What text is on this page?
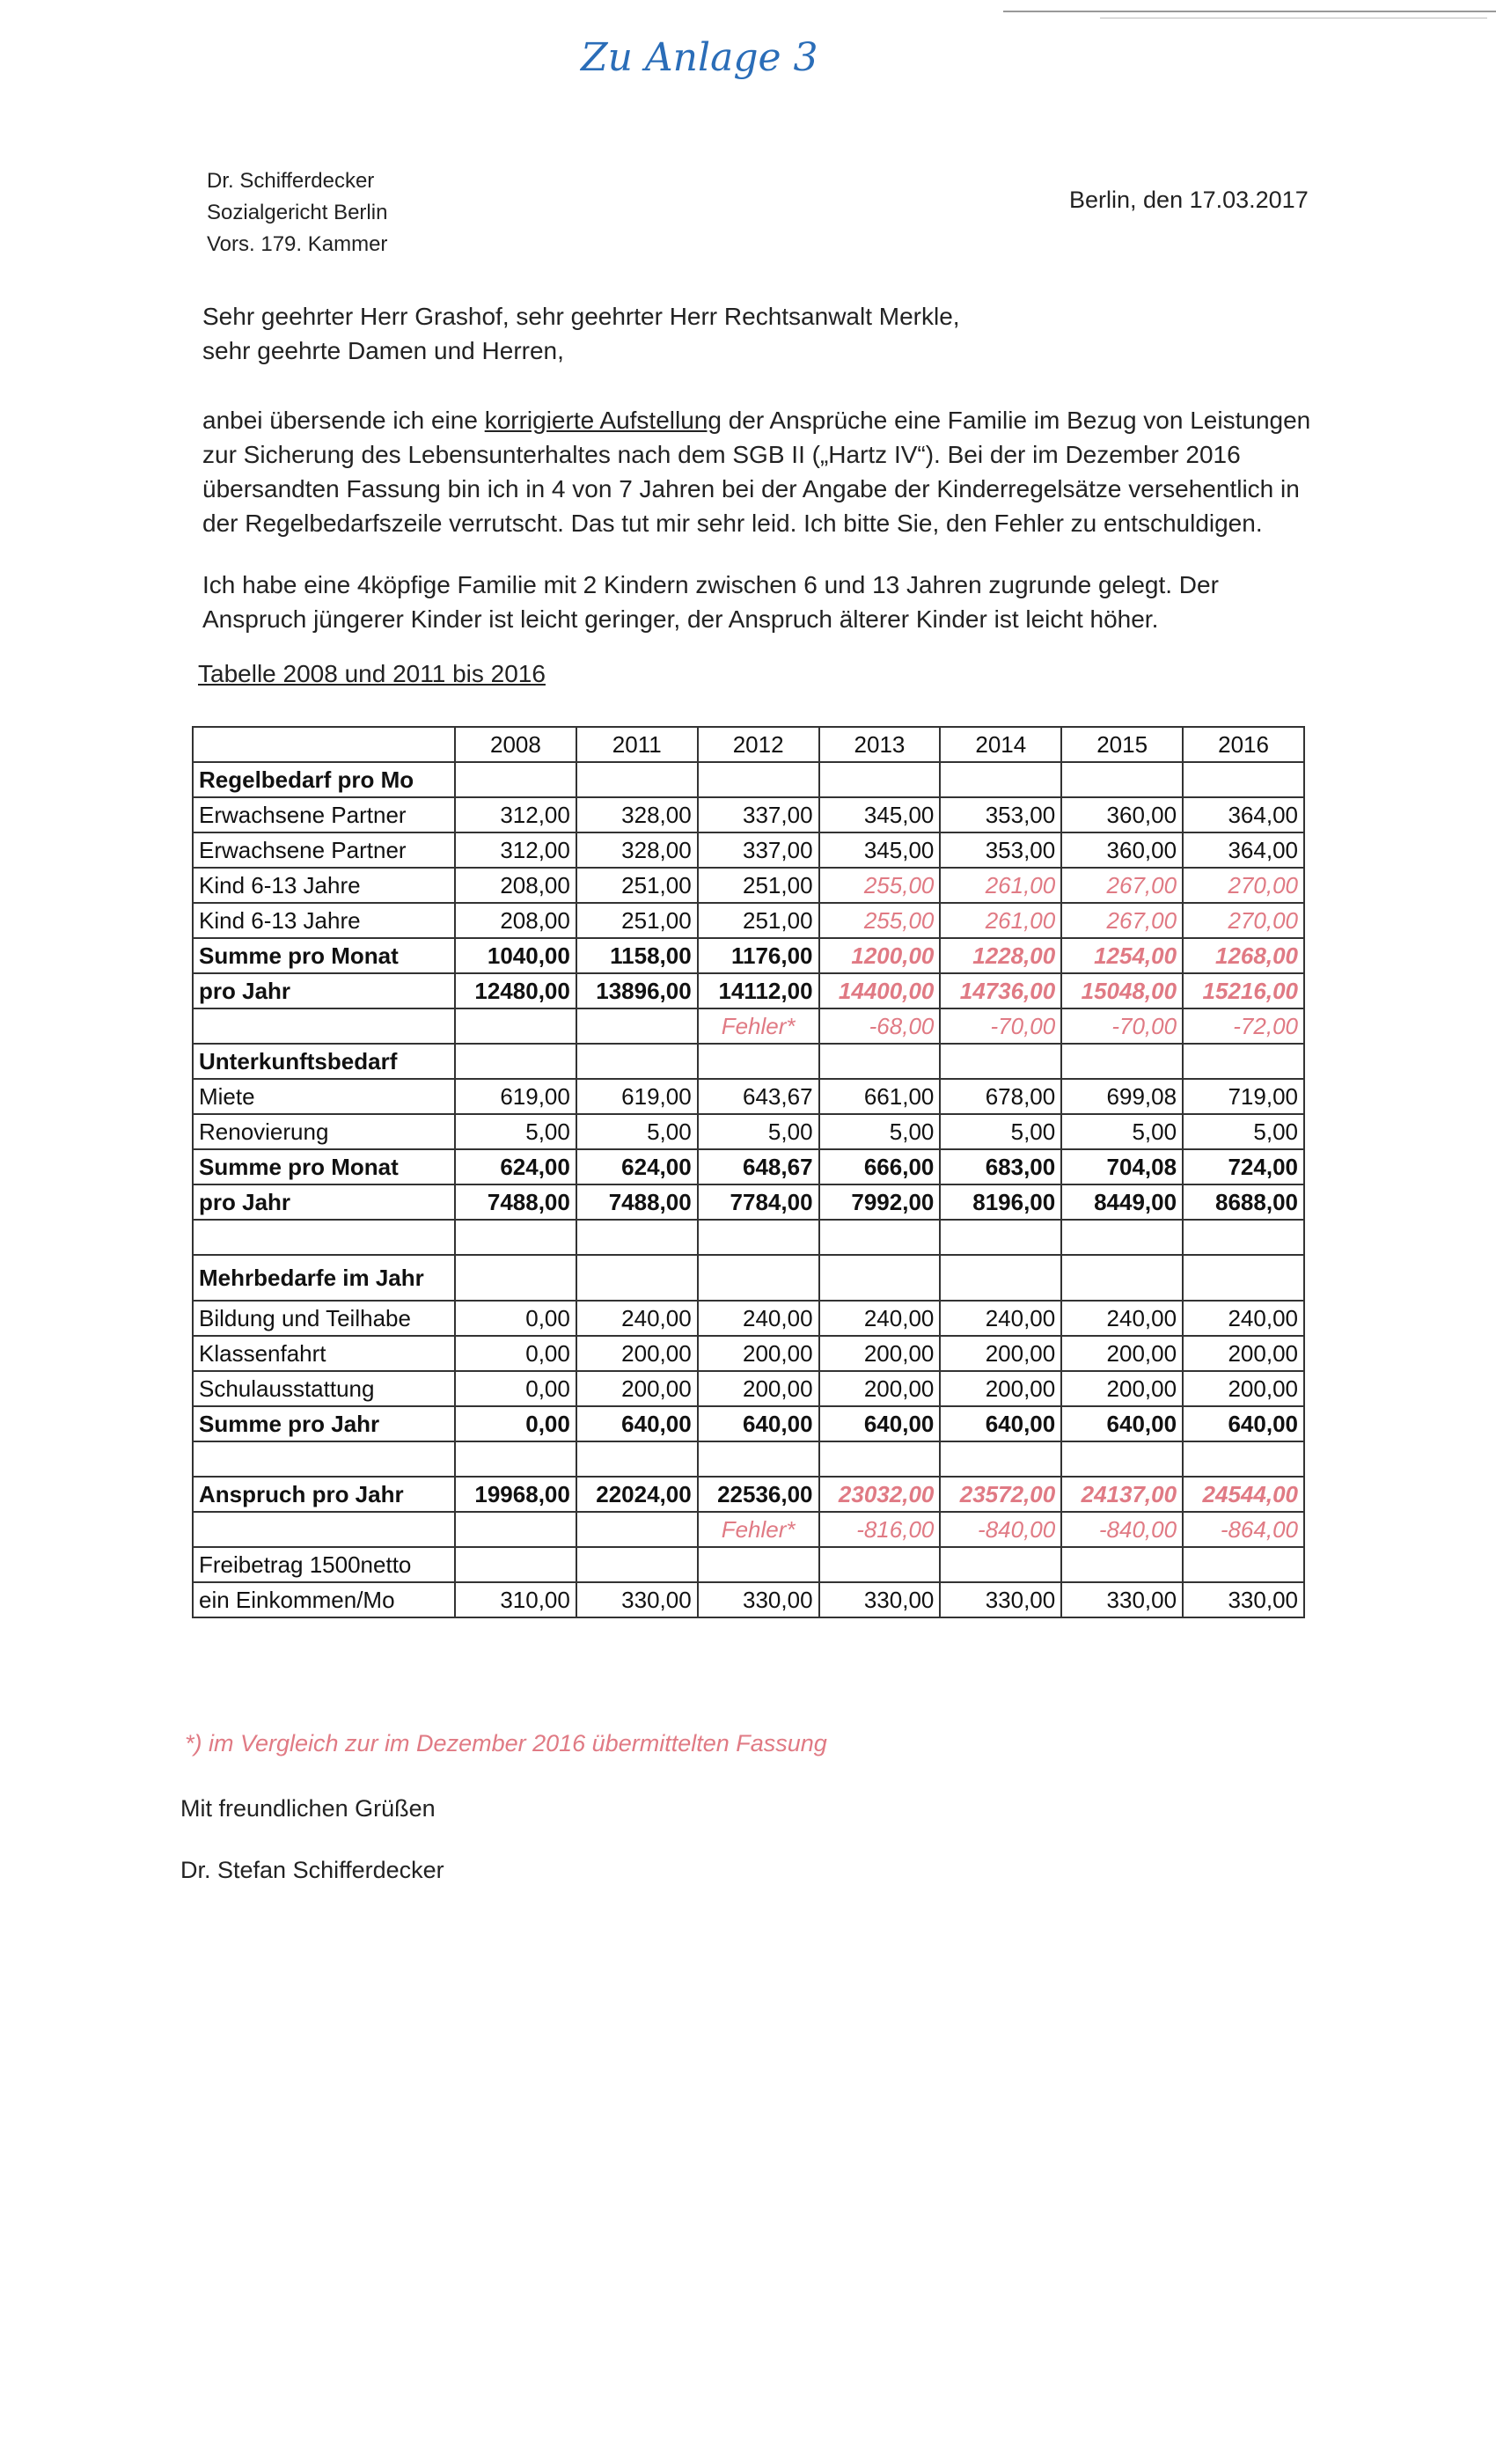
Zu Anlage 3
Dr. Schifferdecker
Sozialgericht Berlin
Vors. 179. Kammer
Berlin, den 17.03.2017
Sehr geehrter Herr Grashof, sehr geehrter Herr Rechtsanwalt Merkle,
sehr geehrte Damen und Herren,
anbei übersende ich eine korrigierte Aufstellung der Ansprüche eine Familie im Bezug von Leistungen zur Sicherung des Lebensunterhaltes nach dem SGB II („Hartz IV“). Bei der im Dezember 2016 übersandten Fassung bin ich in 4 von 7 Jahren bei der Angabe der Kinderregelsätze versehentlich in der Regelbedarfszeile verrutscht. Das tut mir sehr leid. Ich bitte Sie, den Fehler zu entschuldigen.
Ich habe eine 4köpfige Familie mit 2 Kindern zwischen 6 und 13 Jahren zugrunde gelegt. Der Anspruch jüngerer Kinder ist leicht geringer, der Anspruch älterer Kinder ist leicht höher.
Tabelle 2008 und 2011 bis 2016
	2008	2011	2012	2013	2014	2015	2016
Regelbedarf pro Mo							
Erwachsene Partner	312,00	328,00	337,00	345,00	353,00	360,00	364,00
Erwachsene Partner	312,00	328,00	337,00	345,00	353,00	360,00	364,00
Kind 6-13 Jahre	208,00	251,00	251,00	255,00	261,00	267,00	270,00
Kind 6-13 Jahre	208,00	251,00	251,00	255,00	261,00	267,00	270,00
Summe pro Monat	1040,00	1158,00	1176,00	1200,00	1228,00	1254,00	1268,00
pro Jahr	12480,00	13896,00	14112,00	14400,00	14736,00	15048,00	15216,00
			Fehler*	-68,00	-70,00	-70,00	-72,00
Unterkunftsbedarf							
Miete	619,00	619,00	643,67	661,00	678,00	699,08	719,00
Renovierung	5,00	5,00	5,00	5,00	5,00	5,00	5,00
Summe pro Monat	624,00	624,00	648,67	666,00	683,00	704,08	724,00
pro Jahr	7488,00	7488,00	7784,00	7992,00	8196,00	8449,00	8688,00

Mehrbedarfe im Jahr							
Bildung und Teilhabe	0,00	240,00	240,00	240,00	240,00	240,00	240,00
Klassenfahrt	0,00	200,00	200,00	200,00	200,00	200,00	200,00
Schulausstattung	0,00	200,00	200,00	200,00	200,00	200,00	200,00
Summe pro Jahr	0,00	640,00	640,00	640,00	640,00	640,00	640,00

Anspruch pro Jahr	19968,00	22024,00	22536,00	23032,00	23572,00	24137,00	24544,00
			Fehler*	-816,00	-840,00	-840,00	-864,00
Freibetrag 1500netto							
ein Einkommen/Mo	310,00	330,00	330,00	330,00	330,00	330,00	330,00
*) im Vergleich zur im Dezember 2016 übermittelten Fassung
Mit freundlichen Grüßen
Dr. Stefan Schifferdecker
